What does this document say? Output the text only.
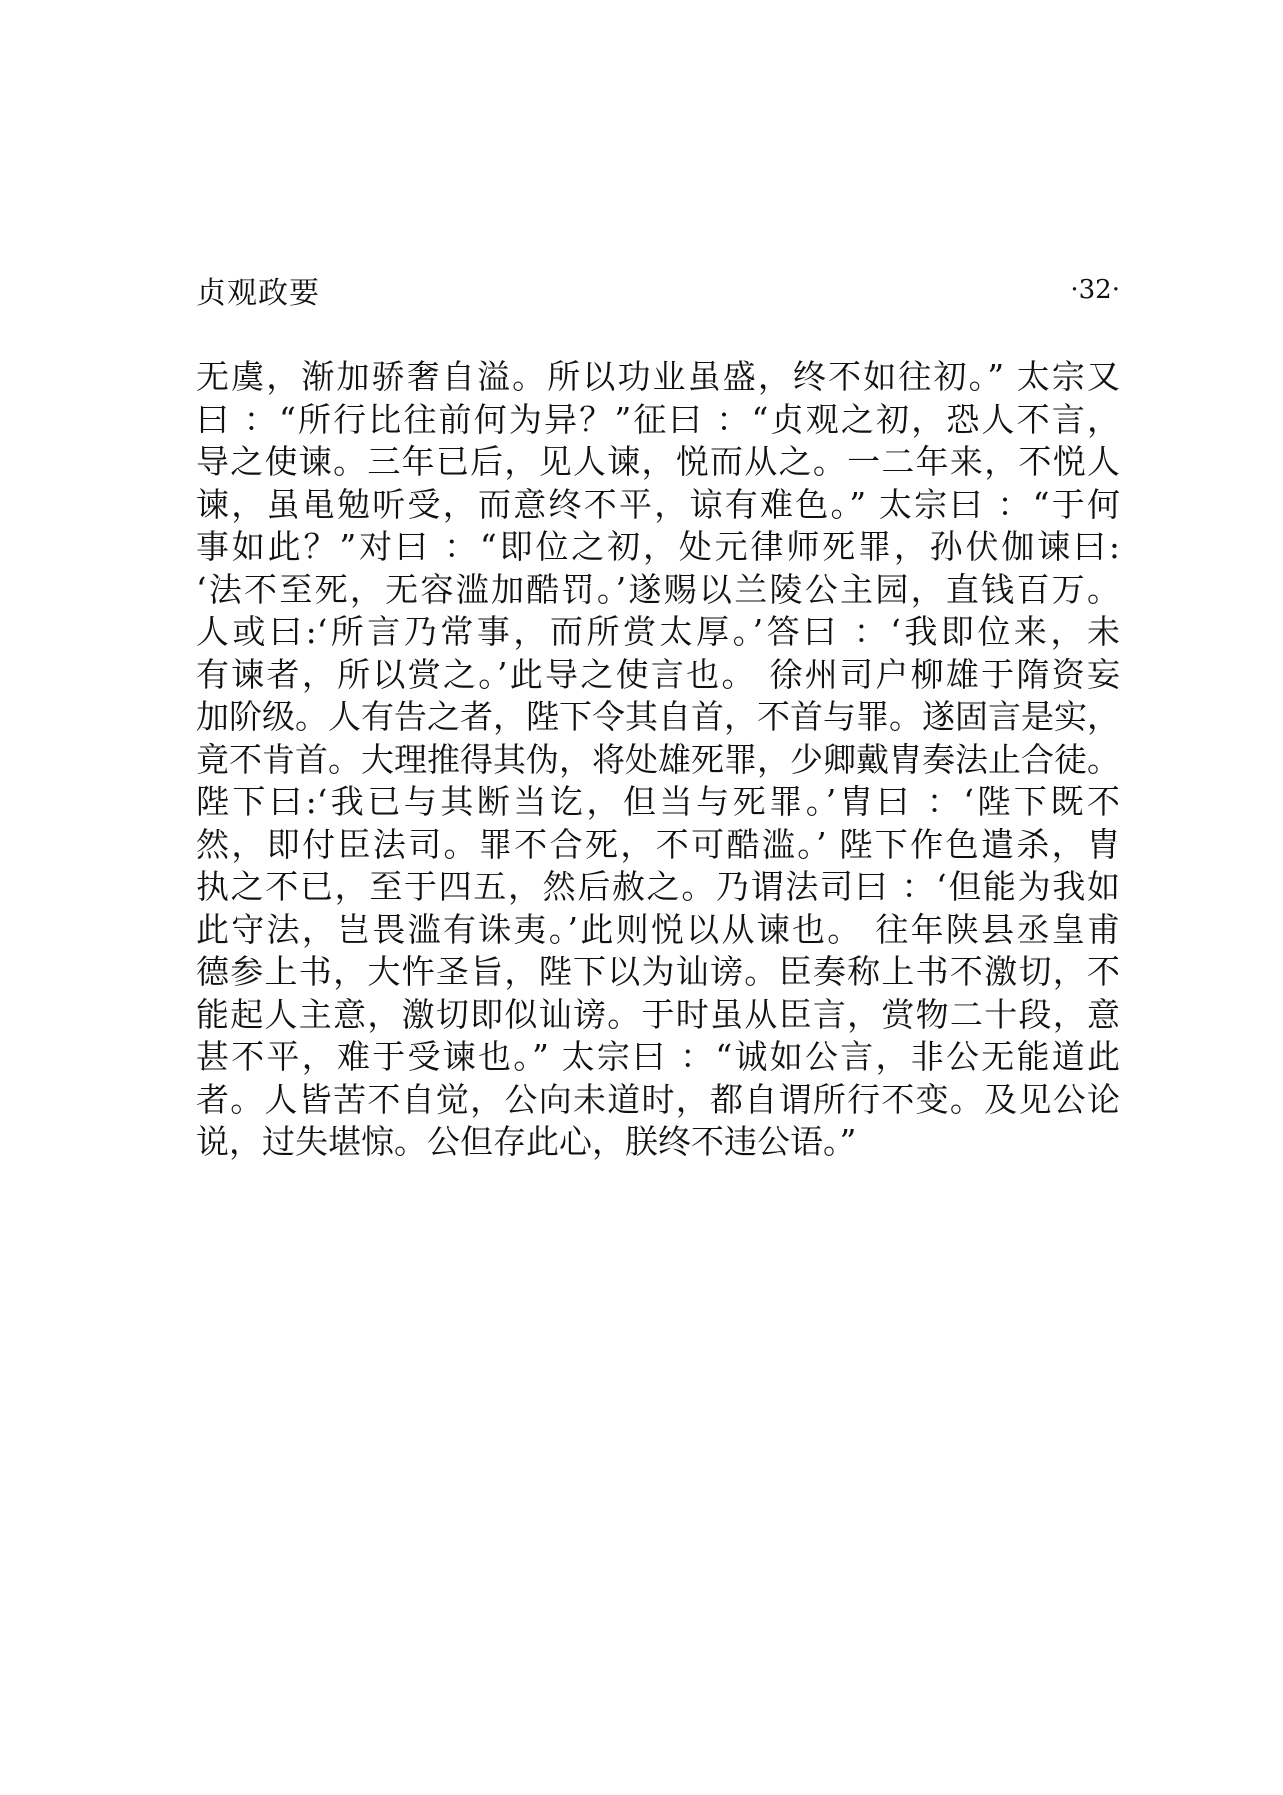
贞观政要	·32·
无虞，渐加骄奢自溢。所以功业虽盛，终不如往初。” 太宗又
曰 ：“所行比往前何为异？”征曰 ：“贞观之初，恐人不言，
导之使谏。三年已后，见人谏，悦而从之。一二年来，不悦人
谏，虽黾勉听受，而意终不平，谅有难色。” 太宗曰 ：“于何
事如此？”对曰 ：“即位之初，处元律师死罪，孙伏伽谏曰:
‘法不至死，无容滥加酷罚。’遂赐以兰陵公主园，直钱百万。
人或曰:‘所言乃常事，而所赏太厚。’答曰 ：‘我即位来，未
有谏者，所以赏之。’此导之使言也。 徐州司户柳雄于隋资妄
加阶级。人有告之者，陛下令其自首，不首与罪。遂固言是实，
竟不肯首。大理推得其伪，将处雄死罪，少卿戴胄奏法止合徒。
陛下曰:‘我已与其断当讫，但当与死罪。’胄曰 ：‘陛下既不
然，即付臣法司。罪不合死，不可酷滥。’ 陛下作色遣杀，胄
执之不已，至于四五，然后赦之。乃谓法司曰 ：‘但能为我如
此守法，岂畏滥有诛夷。’此则悦以从谏也。 往年陕县丞皇甫
德参上书，大忤圣旨，陛下以为讪谤。臣奏称上书不激切，不
能起人主意，激切即似讪谤。于时虽从臣言，赏物二十段，意
甚不平，难于受谏也。” 太宗曰 ：“诚如公言，非公无能道此
者。人皆苦不自觉，公向未道时，都自谓所行不变。及见公论
说，过失堪惊。公但存此心，朕终不违公语。”
